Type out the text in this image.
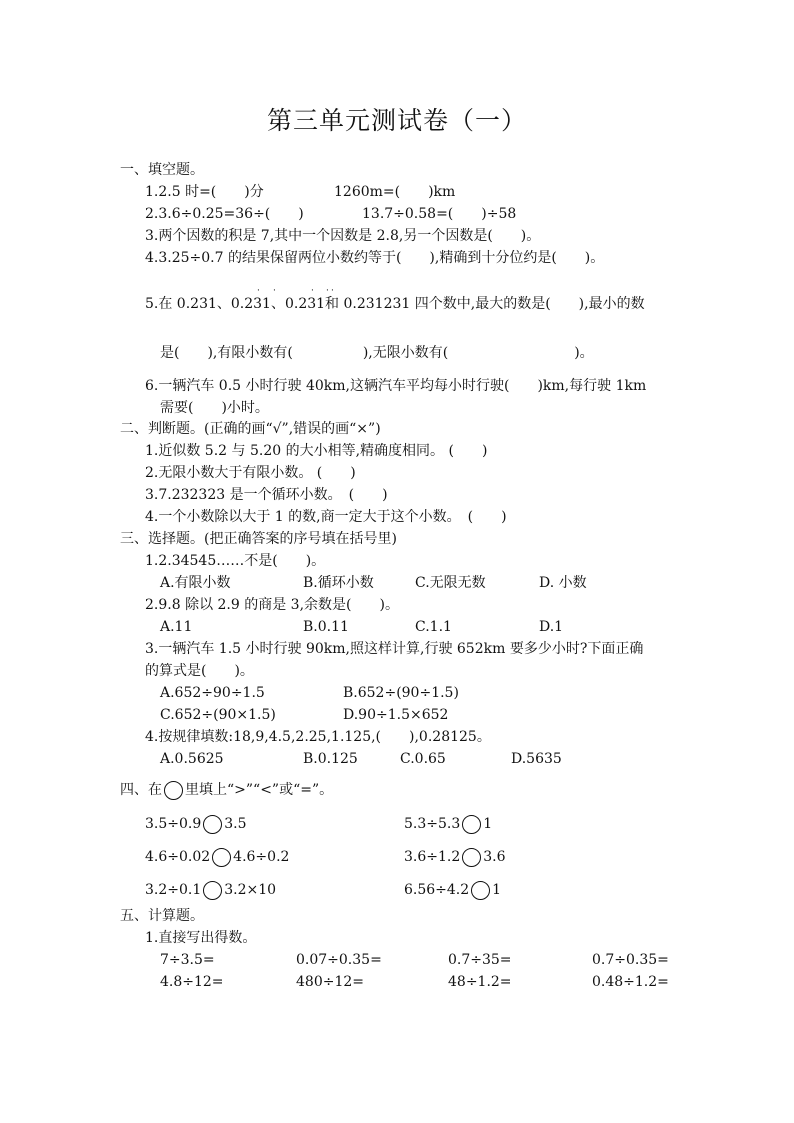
第三单元测试卷（一）
一、填空题。
1.2.5 时=(　　)分	1260m=(　　)km
2.3.6÷0.25=36÷(　　)	13.7÷0.58=(　　)÷58
3.两个因数的积是 7,其中一个因数是 2.8,另一个因数是(　　)。
4.3.25÷0.7 的结果保留两位小数约等于(　　),精确到十分位约是(　　)。
· ·	· · ·
5.在 0.231、0.231、0.231和 0.231231 四个数中,最大的数是(　　),最小的数
是(　　),有限小数有(　　　　　),无限小数有(　　　　　　　　　)。
6.一辆汽车 0.5 小时行驶 40km,这辆汽车平均每小时行驶(　　)km,每行驶 1km
需要(　　)小时。
二、判断题。(正确的画“√”,错误的画“×”)
1.近似数 5.2 与 5.20 的大小相等,精确度相同。 (　　)
2.无限小数大于有限小数。 (　　)
3.7.232323 是一个循环小数。　(　　)
4.一个小数除以大于 1 的数,商一定大于这个小数。　(　　)
三、选择题。(把正确答案的序号填在括号里)
1.2.34545……不是(　　)。
A.有限小数	B.循环小数	C.无限无数	D. 小数
2.9.8 除以 2.9 的商是 3,余数是(　　)。
A.11	B.0.11	C.1.1	D.1
3.一辆汽车 1.5 小时行驶 90km,照这样计算,行驶 652km 要多少小时?下面正确
的算式是(　　)。
A.652÷90÷1.5	B.652÷(90÷1.5)
C.652÷(90×1.5)	D.90÷1.5×652
4.按规律填数:18,9,4.5,2.25,1.125,(　　),0.28125。
A.0.5625	B.0.125	C.0.65	D.5635
四、在 里填上“>”“<”或“=”。
3.5÷0.9 3.5	5.3÷5.3 1
4.6÷0.02 4.6÷0.2	3.6÷1.2 3.6
3.2÷0.1 3.2×10	6.56÷4.2 1
五、计算题。
1.直接写出得数。
7÷3.5=	0.07÷0.35=	0.7÷35=	0.7÷0.35=
4.8÷12=	480÷12=	48÷1.2=	0.48÷1.2=
